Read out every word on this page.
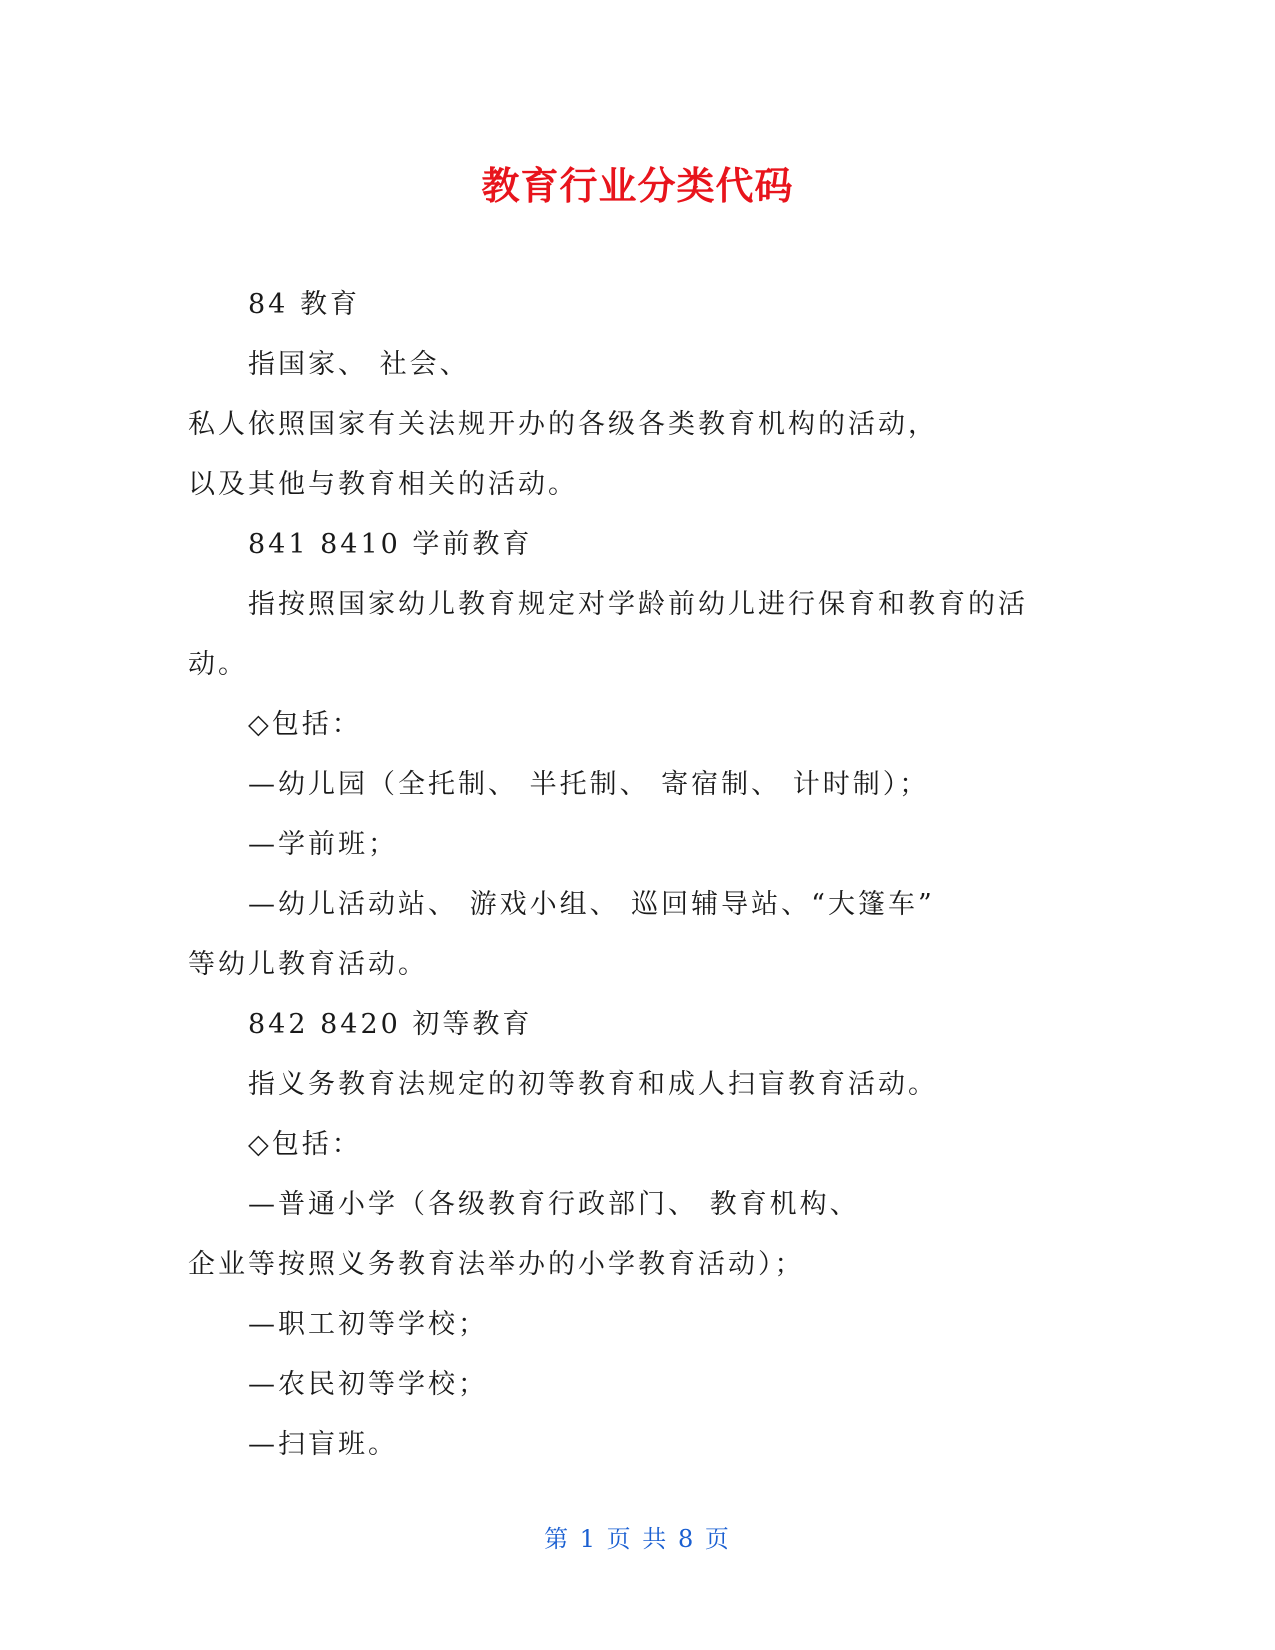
教育行业分类代码
84 教育
指国家、 社会、
私人依照国家有关法规开办的各级各类教育机构的活动，
以及其他与教育相关的活动。
841 8410 学前教育
指按照国家幼儿教育规定对学龄前幼儿进行保育和教育的活
动。
◇包括：
—幼儿园（全托制、 半托制、 寄宿制、 计时制）；
—学前班；
—幼儿活动站、 游戏小组、 巡回辅导站、“大篷车”
等幼儿教育活动。
842 8420 初等教育
指义务教育法规定的初等教育和成人扫盲教育活动。
◇包括：
—普通小学（各级教育行政部门、 教育机构、
企业等按照义务教育法举办的小学教育活动）；
—职工初等学校；
—农民初等学校；
—扫盲班。
第 1 页 共 8 页
